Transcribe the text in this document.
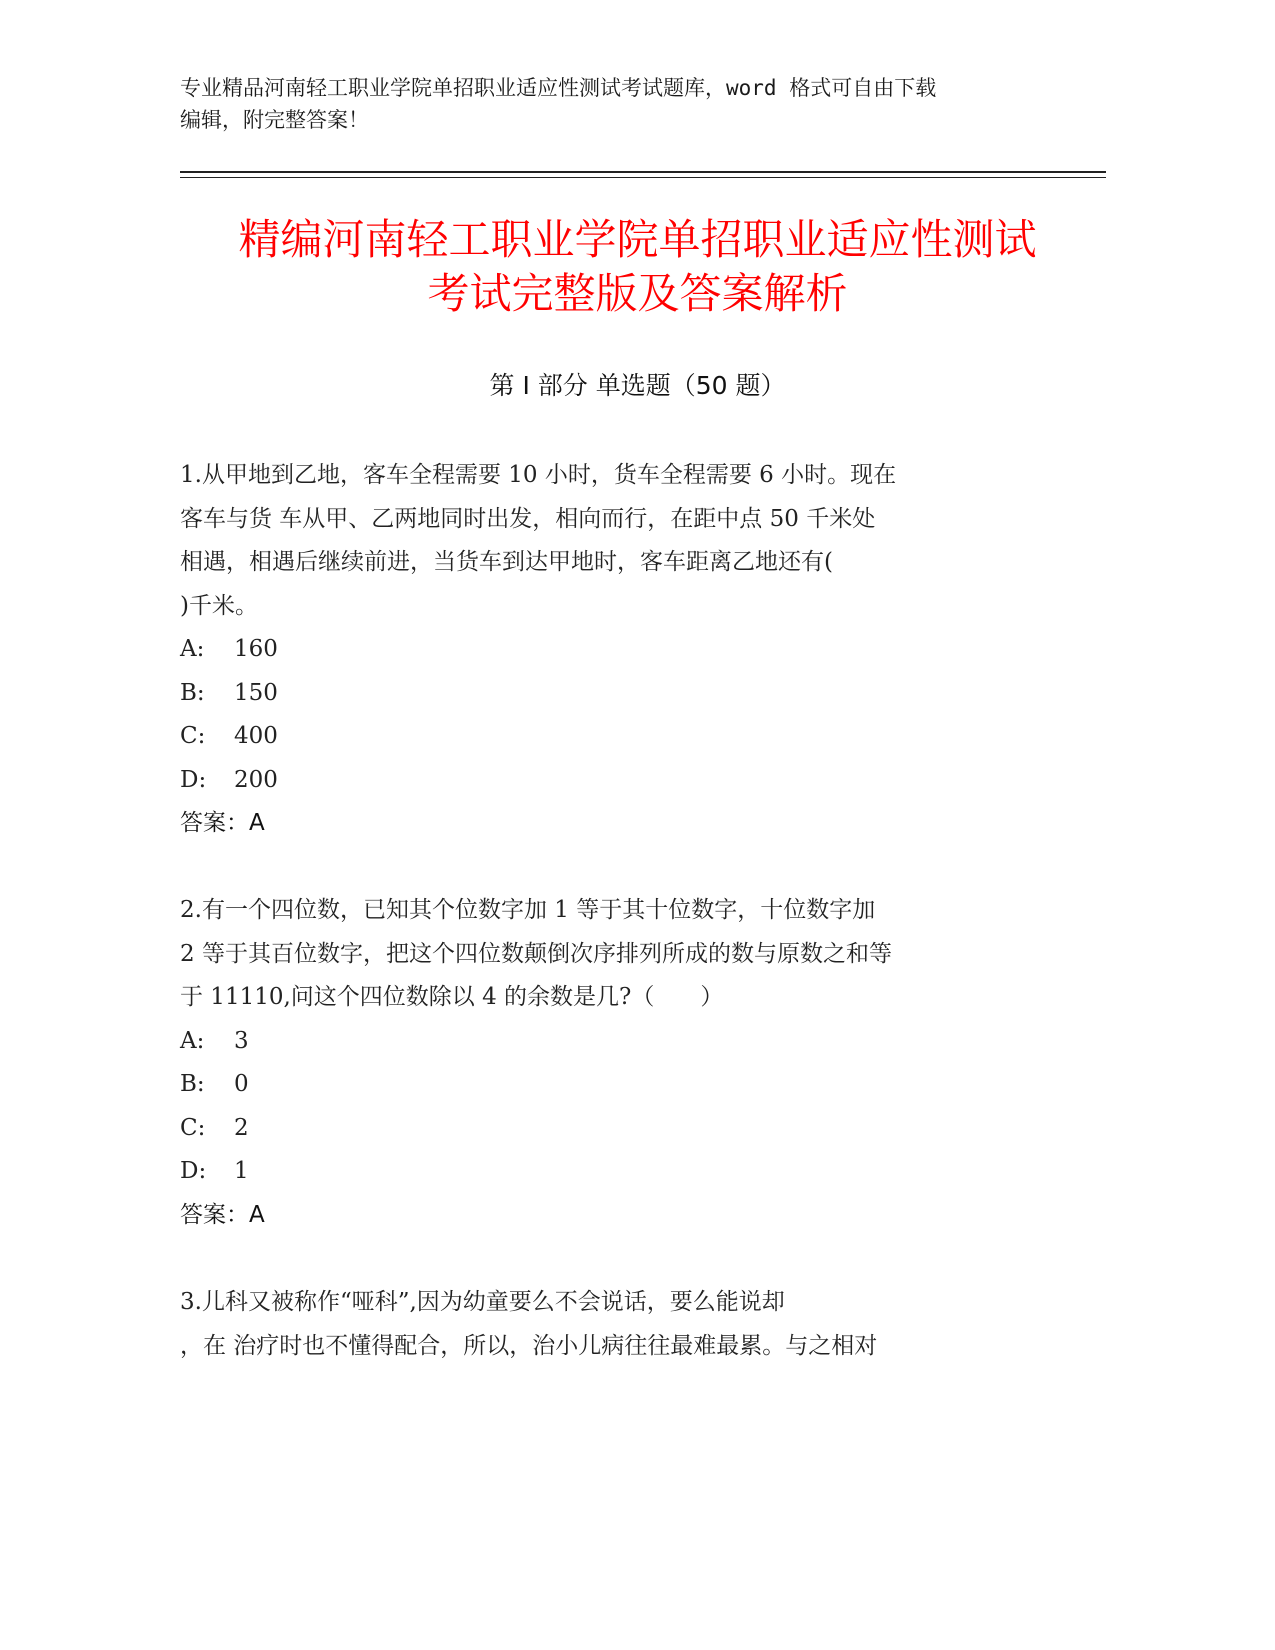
专业精品河南轻工职业学院单招职业适应性测试考试题库，word 格式可自由下载
编辑，附完整答案！
精编河南轻工职业学院单招职业适应性测试
考试完整版及答案解析
第 I 部分 单选题（50 题）
1.从甲地到乙地，客车全程需要 10 小时，货车全程需要 6 小时。现在
客车与货 车从甲、乙两地同时出发，相向而行，在距中点 50 千米处
相遇，相遇后继续前进，当货车到达甲地时，客车距离乙地还有(
)千米。
A: 160
B: 150
C: 400
D: 200
答案：A
2.有一个四位数，已知其个位数字加 1 等于其十位数字，十位数字加
2 等于其百位数字，把这个四位数颠倒次序排列所成的数与原数之和等
于 11110,问这个四位数除以 4 的余数是几?（　　）
A: 3
B: 0
C: 2
D: 1
答案：A
3.儿科又被称作“哑科”,因为幼童要么不会说话，要么能说却
，在 治疗时也不懂得配合，所以，治小儿病往往最难最累。与之相对
